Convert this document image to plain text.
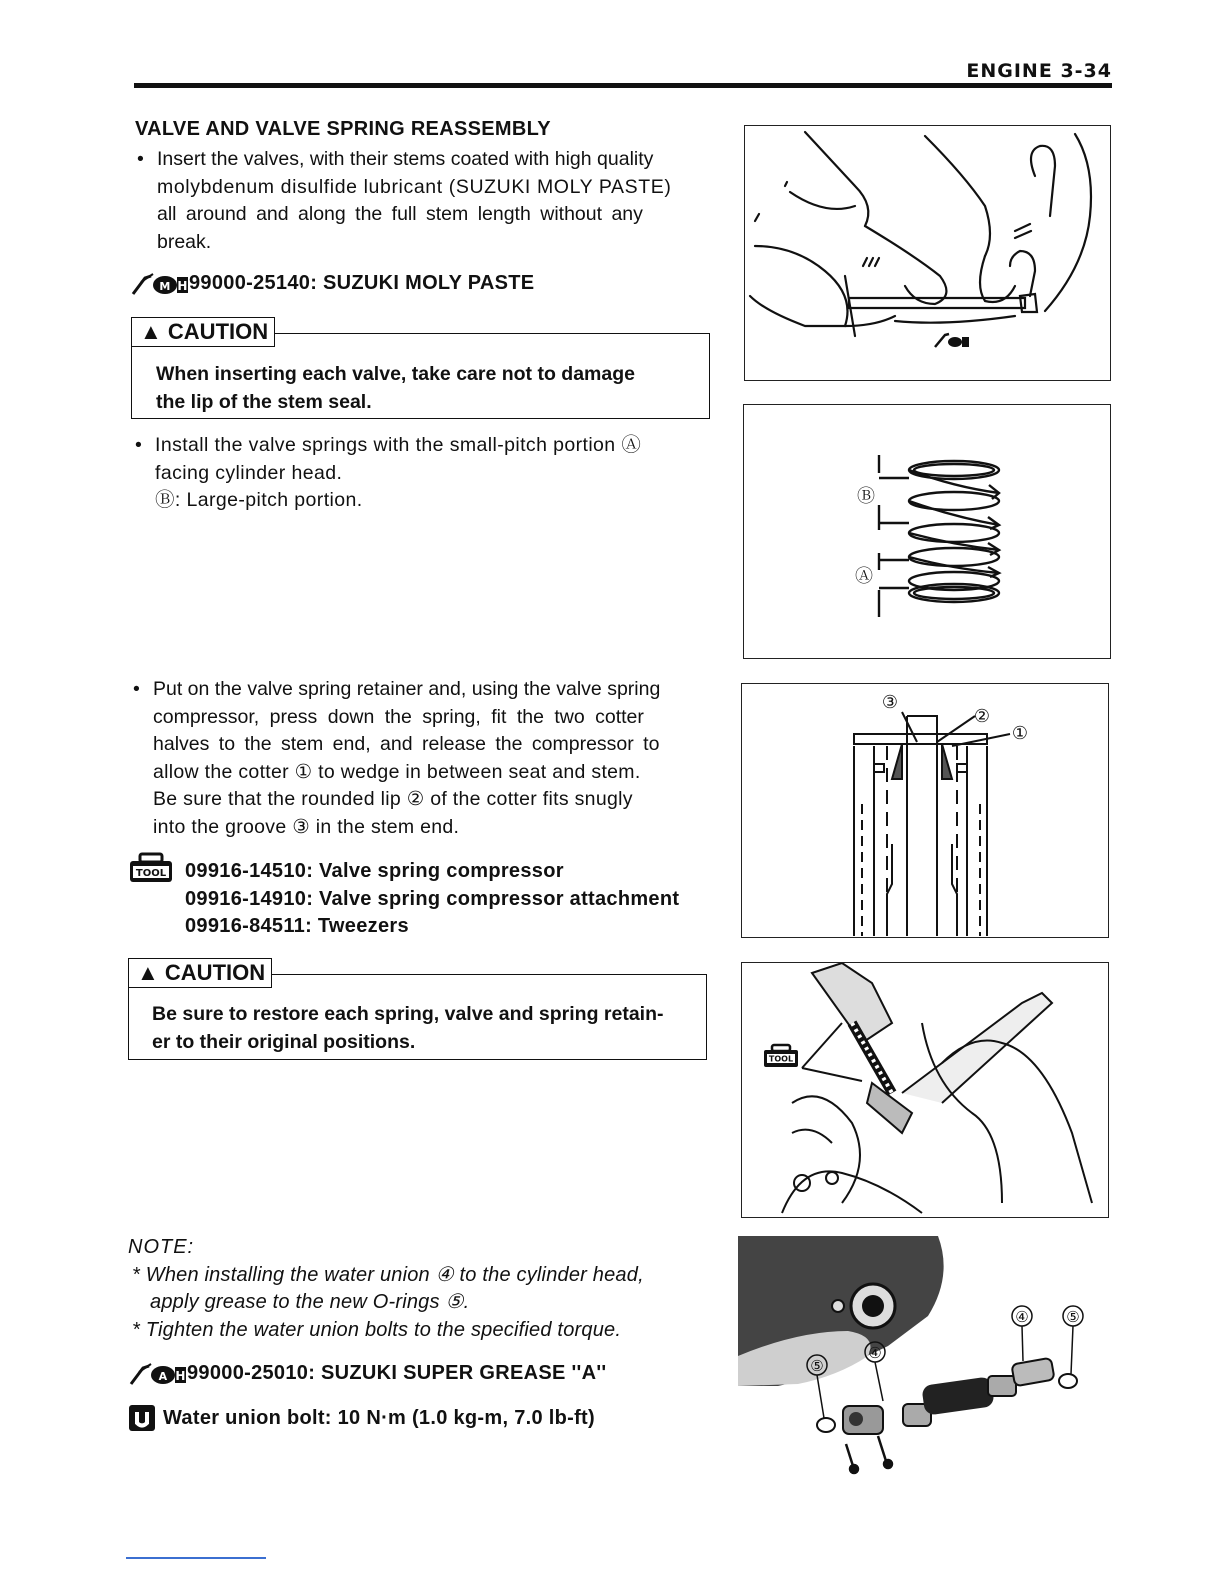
ENGINE 3-34
VALVE AND VALVE SPRING REASSEMBLY
• Insert the valves, with their stems coated with high quality
molybdenum disulfide lubricant (SUZUKI MOLY PASTE)
all around and along the full stem length without any
break.
M H 99000-25140: SUZUKI MOLY PASTE
▲ CAUTION
When inserting each valve, take care not to damage
the lip of the stem seal.
• Install the valve springs with the small-pitch portion Ⓐ
facing cylinder head.
Ⓑ: Large-pitch portion.
• Put on the valve spring retainer and, using the valve spring
compressor, press down the spring, fit the two cotter
halves to the stem end, and release the compressor to
allow the cotter ① to wedge in between seat and stem.
Be sure that the rounded lip ② of the cotter fits snugly
into the groove ③ in the stem end.
TOOL 09916-14510: Valve spring compressor
09916-14910: Valve spring compressor attachment
09916-84511: Tweezers
▲ CAUTION
Be sure to restore each spring, valve and spring retain-
er to their original positions.
NOTE:
* When installing the water union ④ to the cylinder head,
apply grease to the new O-rings ⑤.
* Tighten the water union bolts to the specified torque.
A H 99000-25010: SUZUKI SUPER GREASE ''A''
Water union bolt: 10 N·m (1.0 kg-m, 7.0 lb-ft)
Ⓑ
Ⓐ
③
②
①
TOOL
④	⑤
⑤
④
